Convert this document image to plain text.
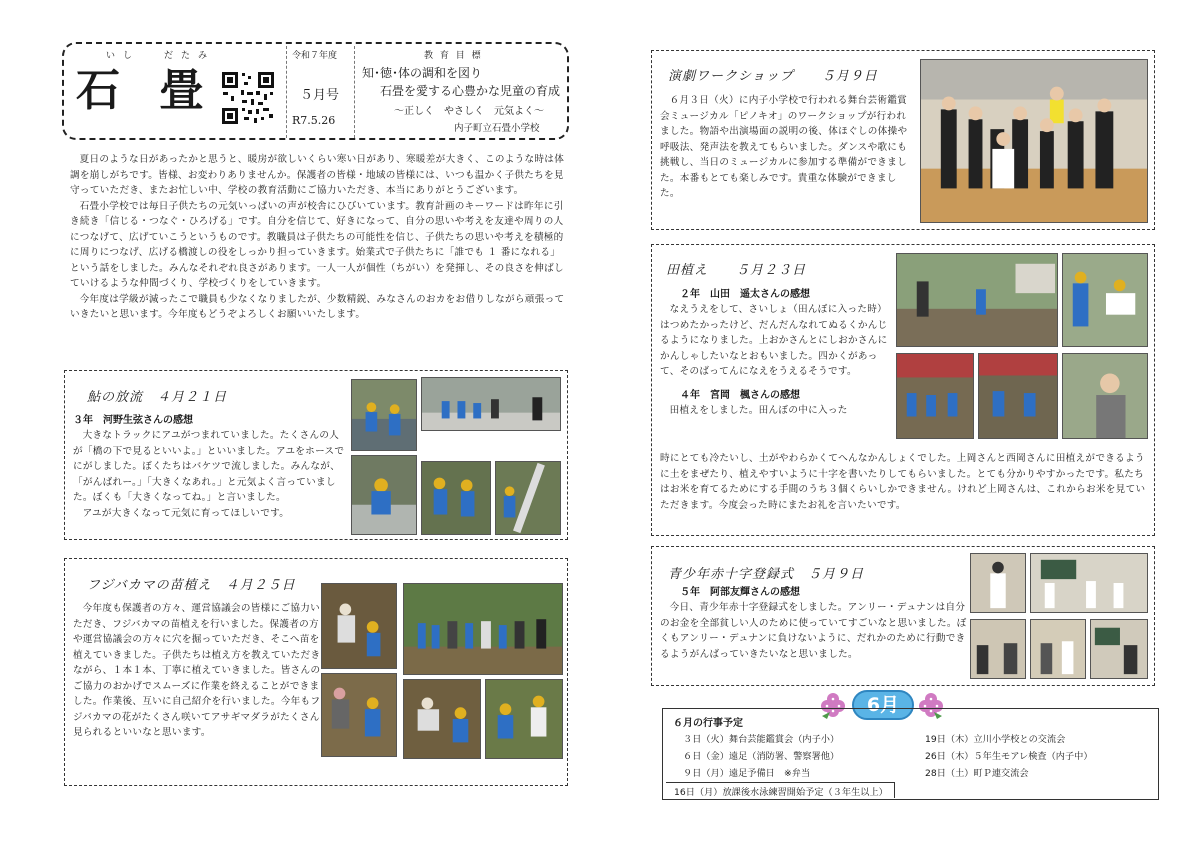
いし	だたみ
石 畳
令和７年度
５月号
R7.5.26
教 育 目 標
知･徳･体の調和を図り
石畳を愛する心豊かな児童の育成
〜正しく　やさしく　元気よく〜
内子町立石畳小学校

夏日のような日があったかと思うと、暖房が欲しいくらい寒い日があり、寒暖差が大きく、このような時は体調を崩しがちです。皆様、お変わりありませんか。保護者の皆様・地域の皆様には、いつも温かく子供たちを見守っていただき、またお忙しい中、学校の教育活動にご協力いただき、本当にありがとうございます。

石畳小学校では毎日子供たちの元気いっぱいの声が校舎にひびいています。教育計画のキーワードは昨年に引き続き「信じる・つなぐ・ひろげる」です。自分を信じて、好きになって、自分の思いや考えを友達や周りの人につなげて、広げていこうというものです。教職員は子供たちの可能性を信じ、子供たちの思いや考えを積極的に周りにつなげ、広げる橋渡しの役をしっかり担っていきます。始業式で子供たちに「誰でも １ 番になれる」という話をしました。みんなそれぞれ良さがあります。一人一人が個性（ちがい）を発揮し、その良さを伸ばしていけるような仲間づくり、学校づくりをしていきます。

今年度は学級が減ったこで職員も少なくなりましたが、少数精鋭、みなさんのおカをお借りしながら頑張っていきたいと思います。今年度もどうぞよろしくお願いいたします。

鮎の放流　４月２１日
３年　河野生弦さんの感想
大きなトラックにアユがつまれていました。たくさんの人が「橋の下で見るといいよ。」といいました。アユをホースでにがしました。ぼくたちはバケツで流しました。みんなが、「がんばれー。」「大きくなあれ。」と元気よく言っていました。ぼくも「大きくなってね。」と言いました。
アユが大きくなって元気に育ってほしいです。
フジバカマの苗植え　４月２５日
今年度も保護者の方々、運営協議会の皆様にご協力いただき、フジバカマの苗植えを行いました。保護者の方や運営協議会の方々に穴を掘っていただき、そこへ苗を植えていきました。子供たちは植え方を教えていただきながら、１本１本、丁寧に植えていきました。皆さんのご協力のおかげでスムーズに作業を終えることができました。作業後、互いに自己紹介を行いました。今年もフジバカマの花がたくさん咲いてアサギマダラがたくさん見られるといいなと思います。
演劇ワークショップ　　５月９日
６月３日（火）に内子小学校で行われる舞台芸術鑑賞会ミュージカル「ピノキオ」のワークショップが行われました。物語や出演場面の説明の後、体ほぐしの体操や呼吸法、発声法を教えてもらいました。ダンスや歌にも挑戦し、当日のミュージカルに参加する準備ができました。本番もとても楽しみです。貴重な体験ができました。
田植え　　５月２３日
２年　山田　遥太さんの感想
なえうえをして、さいしょ（田んぼに入った時）はつめたかったけど、だんだんなれてぬるくかんじるようになりました。上おかさんとにしおかさんにかんしゃしたいなとおもいました。四かくがあって、そのばってんになえをうえるそうです。
４年　宮岡　楓さんの感想
田植えをしました。田んぼの中に入った
時にとても冷たいし、土がやわらかくてへんなかんしょくでした。上岡さんと西岡さんに田植えができるように土をまぜたり、植えやすいように十字を書いたりしてもらいました。とても分かりやすかったです。私たちはお米を育てるためにする手間のうち３個くらいしかできません。けれど上岡さんは、これからお米を見ていただきます。今度会った時にまたお礼を言いたいです。
青少年赤十字登録式　５月９日
５年　阿部友輝さんの感想
今日、青少年赤十字登録式をしました。アンリー・デュナンは自分のお金を全部貧しい人のために使っていてすごいなと思いました。ぼくもアンリー・デュナンに負けないように、だれかのために行動できるようがんばっていきたいなと思いました。
6月
６月の行事予定
３日（火）舞台芸能鑑賞会（内子小）
６日（金）遠足（消防署、警察署他）
９日（月）遠足予備日　※弁当
16日（月）放課後水泳練習開始予定（３年生以上）
19日（木）立川小学校との交流会
26日（木）５年生モアレ検査（内子中）
28日（土）町Ｐ連交流会
